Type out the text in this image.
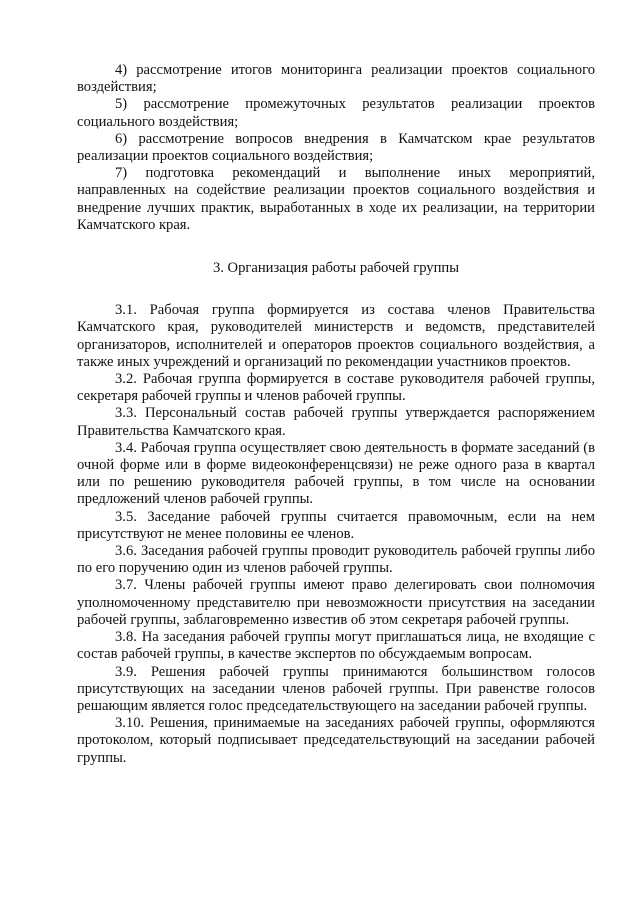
4) рассмотрение итогов мониторинга реализации проектов социального воздействия;

5) рассмотрение промежуточных результатов реализации проектов социального воздействия;

6) рассмотрение вопросов внедрения в Камчатском крае результатов реализации проектов социального воздействия;

7) подготовка рекомендаций и выполнение иных мероприятий, направленных на содействие реализации проектов социального воздействия и внедрение лучших практик, выработанных в ходе их реализации, на территории Камчатского края.

3. Организация работы рабочей группы

3.1. Рабочая группа формируется из состава членов Правительства Камчатского края, руководителей министерств и ведомств, представителей организаторов, исполнителей и операторов проектов социального воздействия, а также иных учреждений и организаций по рекомендации участников проектов.

3.2. Рабочая группа формируется в составе руководителя рабочей группы, секретаря рабочей группы и членов рабочей группы.

3.3. Персональный состав рабочей группы утверждается распоряжением Правительства Камчатского края.

3.4. Рабочая группа осуществляет свою деятельность в формате заседаний (в очной форме или в форме видеоконференцсвязи) не реже одного раза в квартал или по решению руководителя рабочей группы, в том числе на основании предложений членов рабочей группы.

3.5. Заседание рабочей группы считается правомочным, если на нем присутствуют не менее половины ее членов.

3.6. Заседания рабочей группы проводит руководитель рабочей группы либо по его поручению один из членов рабочей группы.

3.7. Члены рабочей группы имеют право делегировать свои полномочия уполномоченному представителю при невозможности присутствия на заседании рабочей группы, заблаговременно известив об этом секретаря рабочей группы.

3.8. На заседания рабочей группы могут приглашаться лица, не входящие с состав рабочей группы, в качестве экспертов по обсуждаемым вопросам.

3.9. Решения рабочей группы принимаются большинством голосов присутствующих на заседании членов рабочей группы. При равенстве голосов решающим является голос председательствующего на заседании рабочей группы.

3.10. Решения, принимаемые на заседаниях рабочей группы, оформляются протоколом, который подписывает председательствующий на заседании рабочей группы.
